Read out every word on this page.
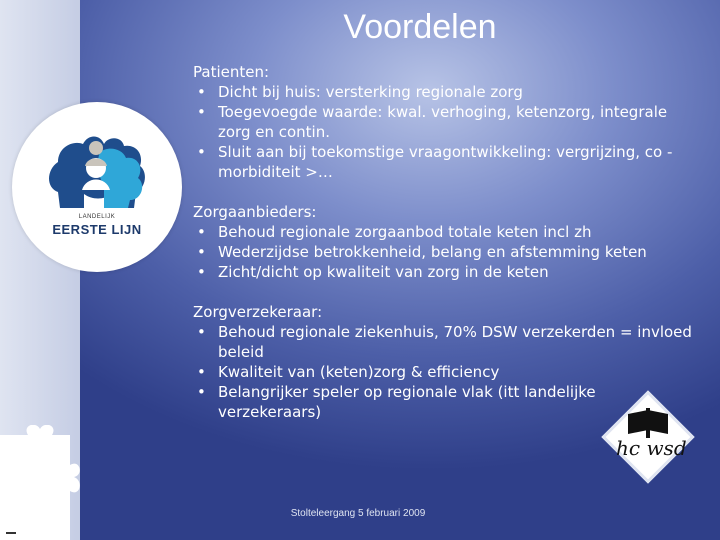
LANDELIJK
EERSTE LIJN
Voordelen

Patienten:

• Dicht bij huis: versterking regionale zorg
• Toegevoegde waarde: kwal. verhoging, ketenzorg, integrale zorg en contin.
• Sluit aan bij toekomstige vraagontwikkeling: vergrijzing, co -morbiditeit >…

Zorgaanbieders:

• Behoud regionale zorgaanbod totale keten incl zh
• Wederzijdse betrokkenheid, belang en afstemming keten
• Zicht/dicht op kwaliteit van zorg in de keten

Zorgverzekeraar:

• Behoud regionale ziekenhuis, 70% DSW verzekerden = invloed beleid
• Kwaliteit van (keten)zorg & efficiency
• Belangrijker speler op regionale vlak (itt landelijke verzekeraars)
hc wsd
Stolteleergang 5 februari 2009
